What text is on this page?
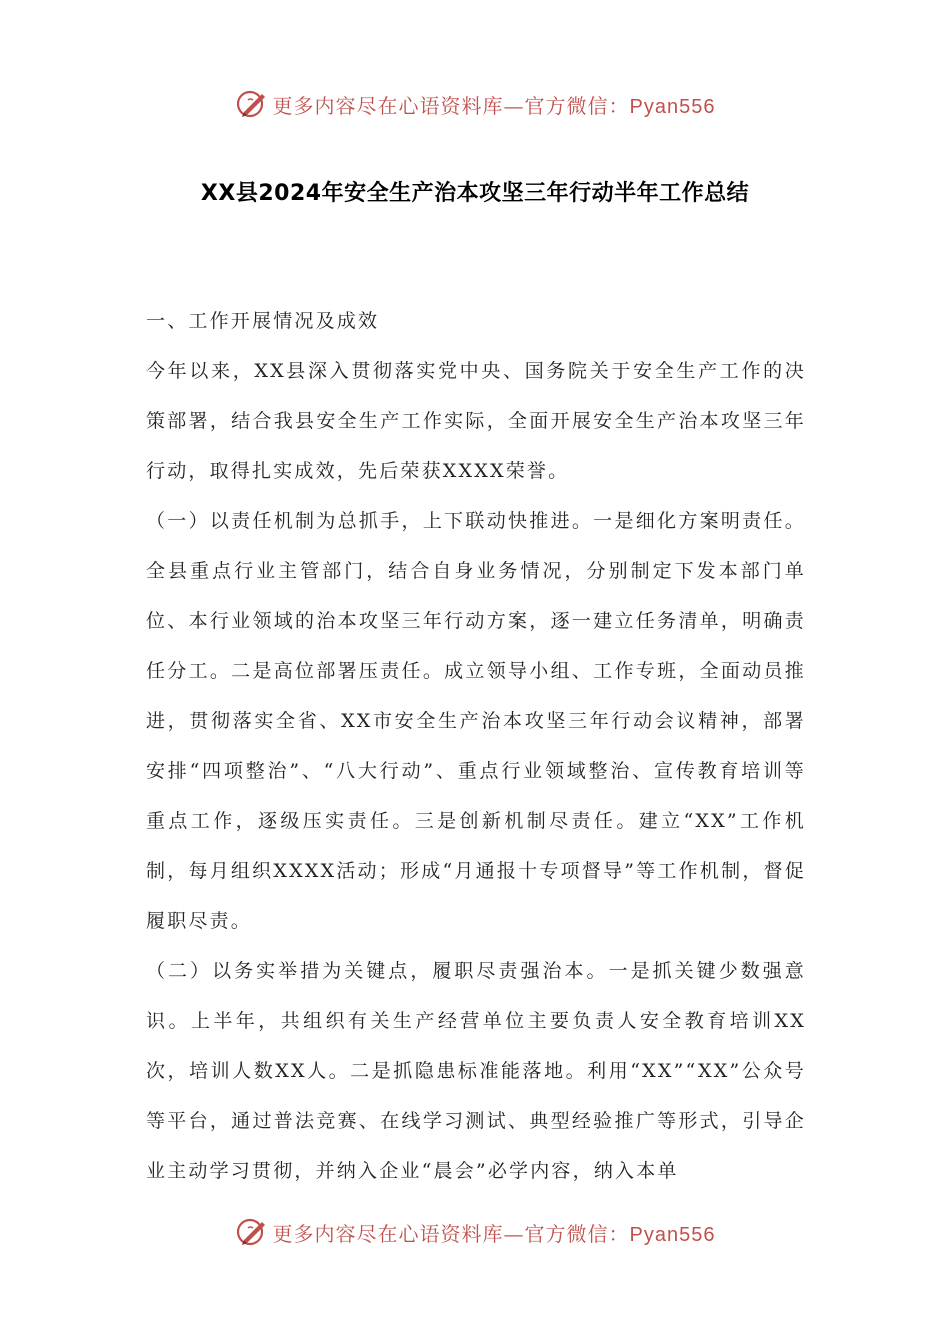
更多内容尽在心语资料库—官方微信：Pyan556
XX县2024年安全生产治本攻坚三年行动半年工作总结

一、工作开展情况及成效

今年以来，XX县深入贯彻落实党中央、国务院关于安全生产工作的决策部署，结合我县安全生产工作实际，全面开展安全生产治本攻坚三年行动，取得扎实成效，先后荣获XXXX荣誉。

（一）以责任机制为总抓手，上下联动快推进。一是细化方案明责任。全县重点行业主管部门，结合自身业务情况，分别制定下发本部门单位、本行业领域的治本攻坚三年行动方案，逐一建立任务清单，明确责任分工。二是高位部署压责任。成立领导小组、工作专班，全面动员推进，贯彻落实全省、XX市安全生产治本攻坚三年行动会议精神，部署安排“四项整治”、“八大行动”、重点行业领域整治、宣传教育培训等重点工作，逐级压实责任。三是创新机制尽责任。建立“XX”工作机制，每月组织XXXX活动；形成“月通报十专项督导”等工作机制，督促履职尽责。

（二）以务实举措为关键点，履职尽责强治本。一是抓关键少数强意识。上半年，共组织有关生产经营单位主要负责人安全教育培训XX次，培训人数XX人。二是抓隐患标准能落地。利用“XX”“XX”公众号等平台，通过普法竞赛、在线学习测试、典型经验推广等形式，引导企业主动学习贯彻，并纳入企业“晨会”必学内容，纳入本单

更多内容尽在心语资料库—官方微信：Pyan556
